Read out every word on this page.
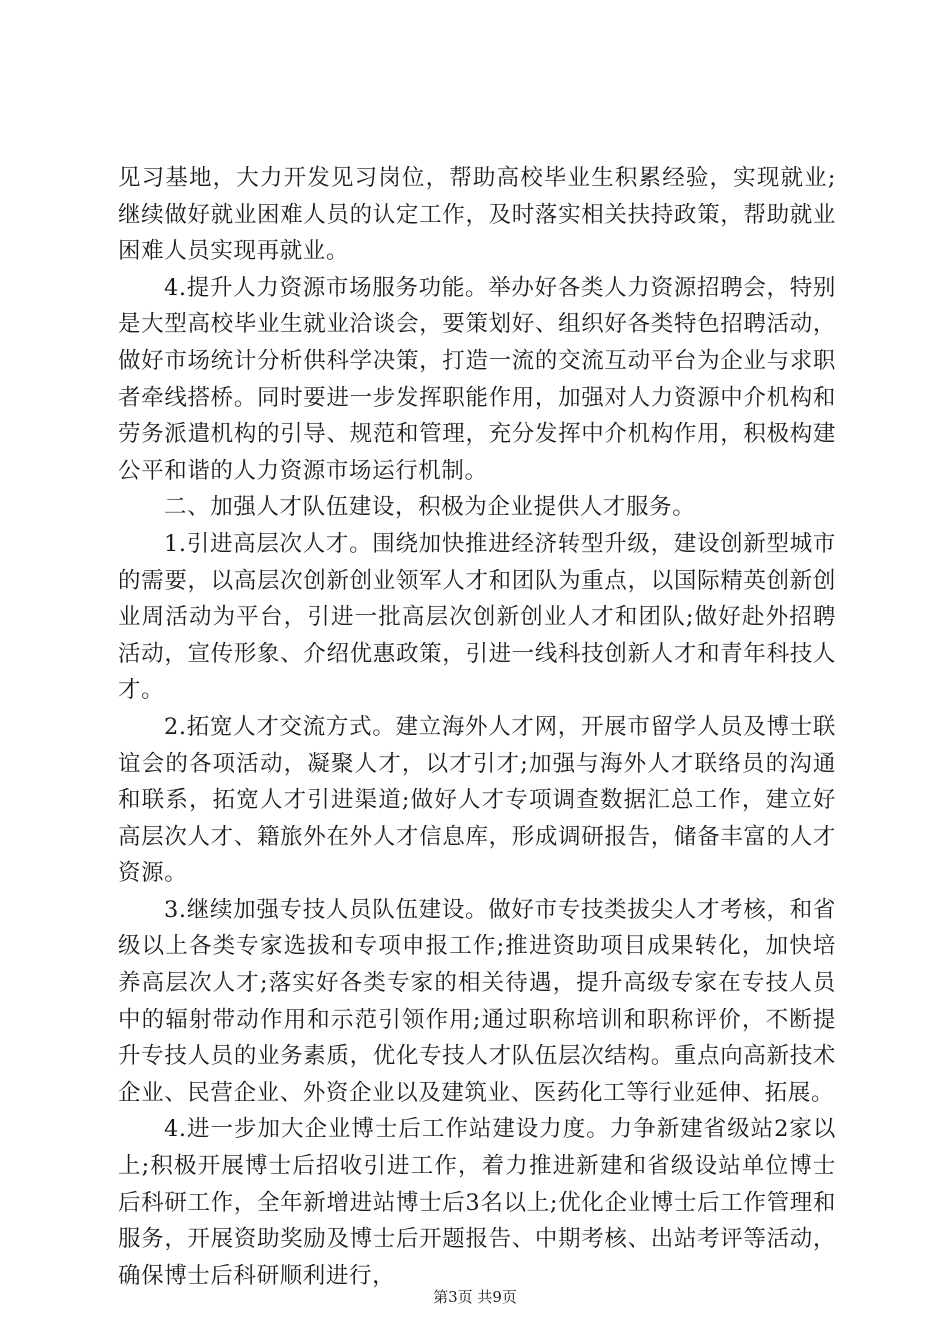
见习基地，大力开发见习岗位，帮助高校毕业生积累经验，实现就业;继续做好就业困难人员的认定工作，及时落实相关扶持政策，帮助就业困难人员实现再就业。

4.提升人力资源市场服务功能。举办好各类人力资源招聘会，特别是大型高校毕业生就业洽谈会，要策划好、组织好各类特色招聘活动，做好市场统计分析供科学决策，打造一流的交流互动平台为企业与求职者牵线搭桥。同时要进一步发挥职能作用，加强对人力资源中介机构和劳务派遣机构的引导、规范和管理，充分发挥中介机构作用，积极构建公平和谐的人力资源市场运行机制。

二、加强人才队伍建设，积极为企业提供人才服务。

1.引进高层次人才。围绕加快推进经济转型升级，建设创新型城市的需要，以高层次创新创业领军人才和团队为重点，以国际精英创新创业周活动为平台，引进一批高层次创新创业人才和团队;做好赴外招聘活动，宣传形象、介绍优惠政策，引进一线科技创新人才和青年科技人才。

2.拓宽人才交流方式。建立海外人才网，开展市留学人员及博士联谊会的各项活动，凝聚人才，以才引才;加强与海外人才联络员的沟通和联系，拓宽人才引进渠道;做好人才专项调查数据汇总工作，建立好高层次人才、籍旅外在外人才信息库，形成调研报告，储备丰富的人才资源。

3.继续加强专技人员队伍建设。做好市专技类拔尖人才考核，和省级以上各类专家选拔和专项申报工作;推进资助项目成果转化，加快培养高层次人才;落实好各类专家的相关待遇，提升高级专家在专技人员中的辐射带动作用和示范引领作用;通过职称培训和职称评价，不断提升专技人员的业务素质，优化专技人才队伍层次结构。重点向高新技术企业、民营企业、外资企业以及建筑业、医药化工等行业延伸、拓展。

4.进一步加大企业博士后工作站建设力度。力争新建省级站2家以上;积极开展博士后招收引进工作，着力推进新建和省级设站单位博士后科研工作，全年新增进站博士后3名以上;优化企业博士后工作管理和服务，开展资助奖励及博士后开题报告、中期考核、出站考评等活动，确保博士后科研顺利进行，

第3页 共9页
